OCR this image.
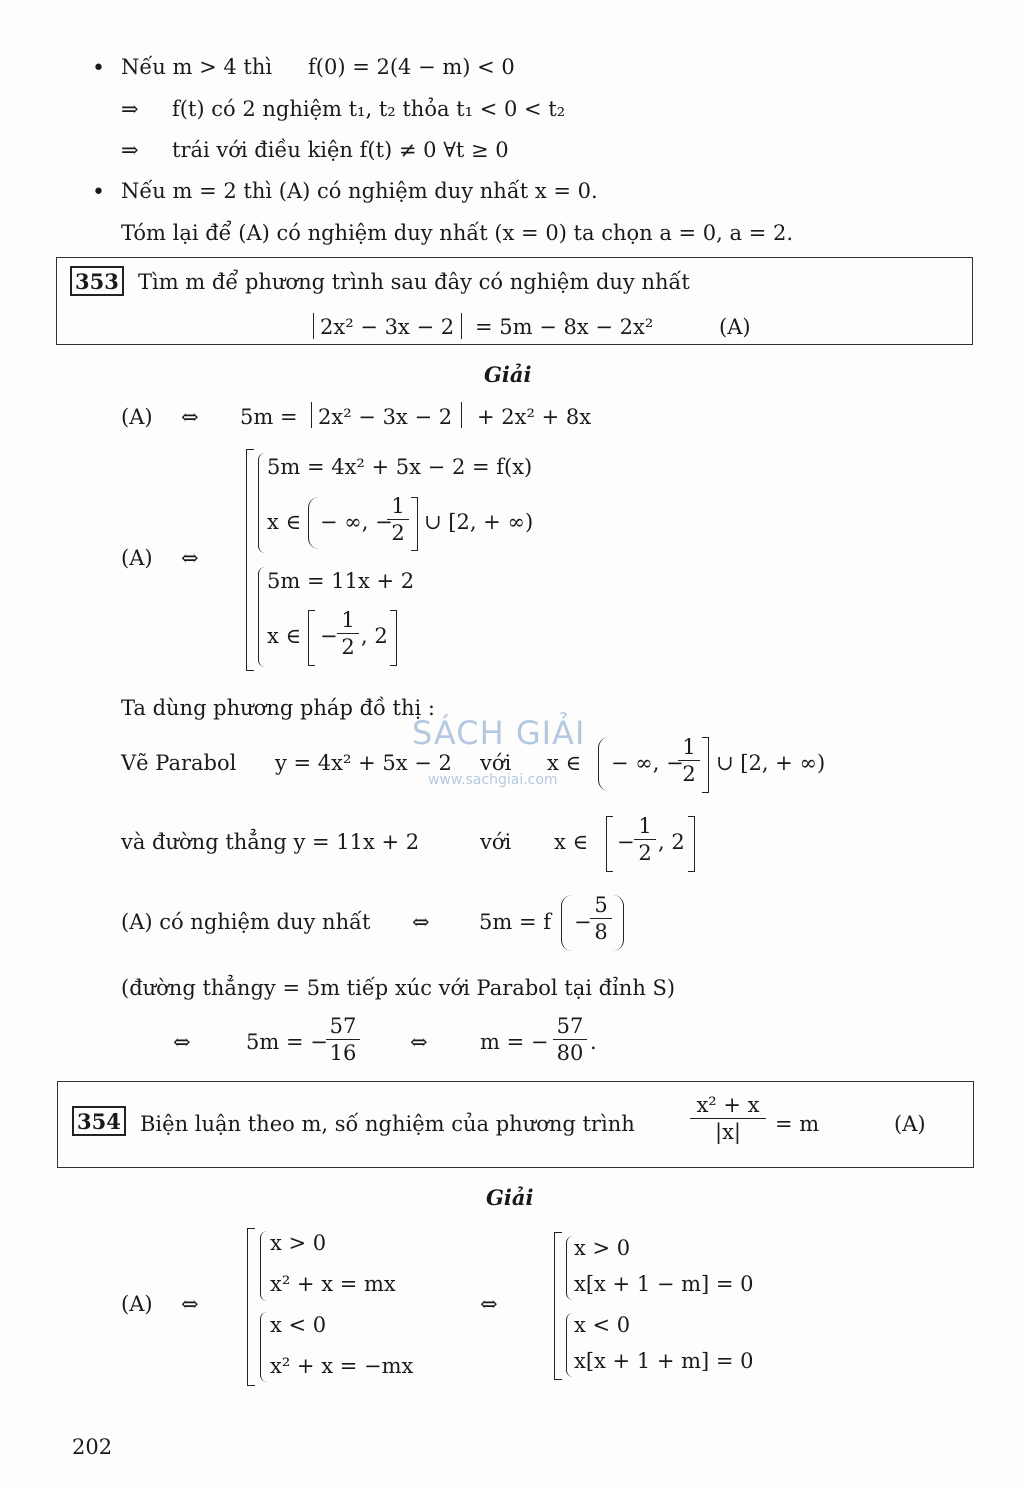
• Nếu m > 4 thì f(0) = 2(4 − m) < 0
⇒ f(t) có 2 nghiệm t₁, t₂ thỏa t₁ < 0 < t₂
⇒ trái với điều kiện f(t) ≠ 0 ∀t ≥ 0
• Nếu m = 2 thì (A) có nghiệm duy nhất x = 0.
Tóm lại để (A) có nghiệm duy nhất (x = 0) ta chọn a = 0, a = 2.
353 Tìm m để phương trình sau đây có nghiệm duy nhất
2x² − 3x − 2 = 5m − 8x − 2x²	(A)
Giải
(A) ⇔ 5m = 2x² − 3x − 2 + 2x² + 8x
(A) ⇔
5m = 4x² + 5x − 2 = f(x)
x ∈ − ∞, −
$\frac{1}{2}$ ∪ [2, + ∞)
5m = 11x + 2
x ∈ − $\frac{1}{2}$ , 2
Ta dùng phương pháp đồ thị :
SÁCH GIẢI
www.sachgiai.com
Vẽ Parabol y = 4x² + 5x − 2 với x ∈ − ∞, −
$\frac{1}{2}$ ∪ [2, + ∞)
và đường thẳng y = 11x + 2	với x ∈ − $\frac{1}{2}$ , 2
(A) có nghiệm duy nhất ⇔ 5m = f −
$\frac{5}{8}$
(đường thẳngy = 5m tiếp xúc với Parabol tại đỉnh S)
⇔	5m = −
$\frac{57}{16}$ ⇔ m = − $\frac{57}{80}$ .
354 Biện luận theo m, số nghiệm của phương trình	$\frac{\text{x² + x}}{|x|} = m$	(A)
Giải
(A) ⇔
x > 0
x² + x = mx
x < 0
x² + x = −mx
⇔
x > 0
x[x + 1 − m] = 0
x < 0
x[x + 1 + m] = 0
202
